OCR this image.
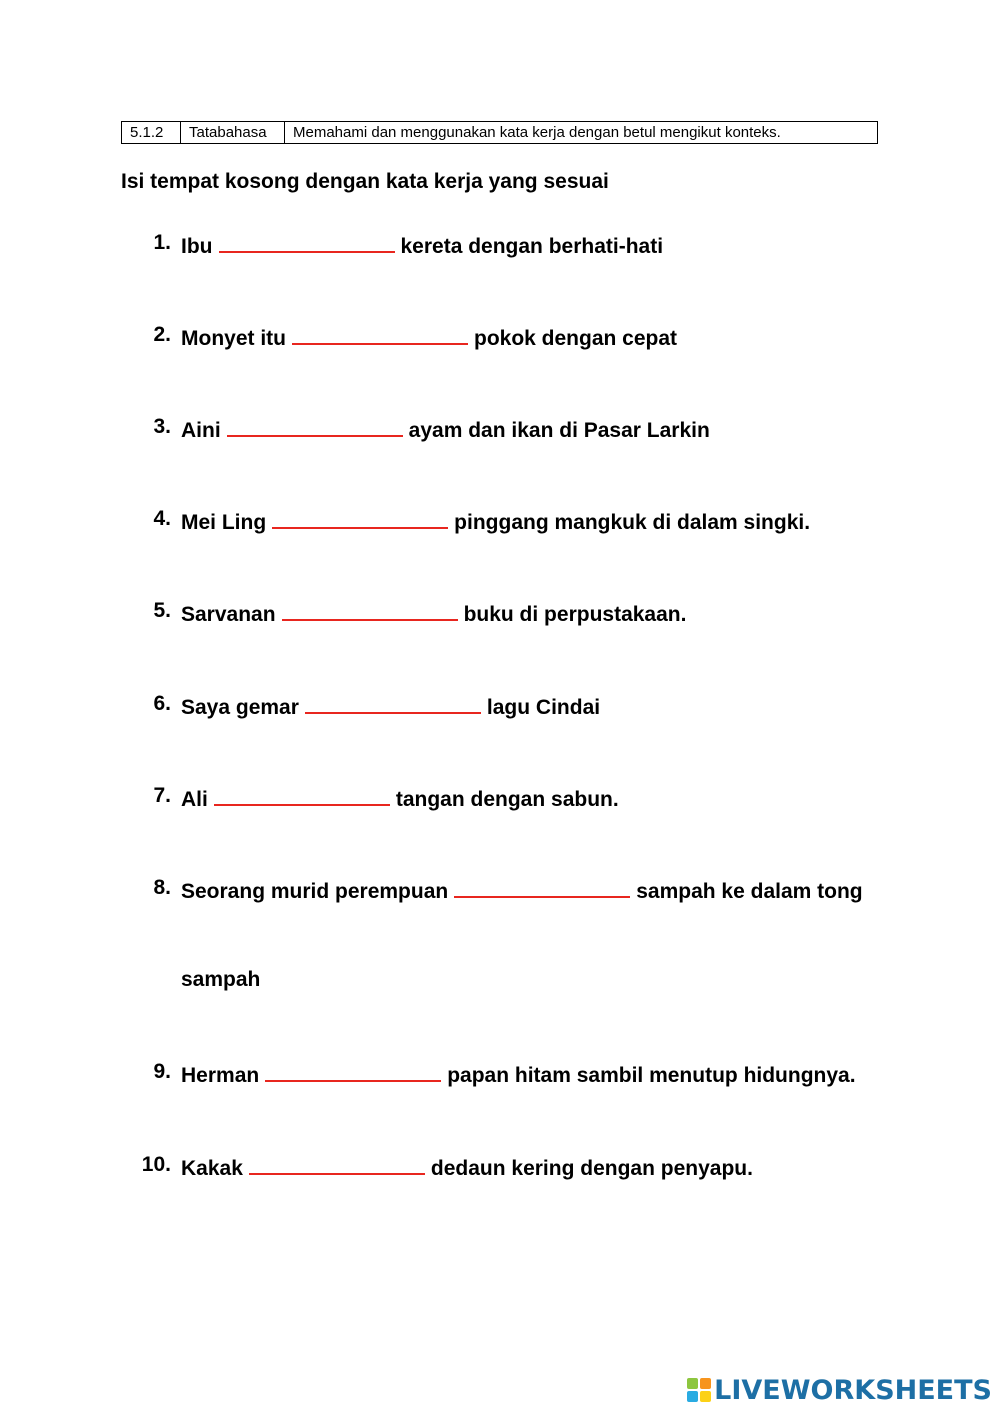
5.1.2	Tatabahasa	Memahami dan menggunakan kata kerja dengan betul mengikut konteks.
Isi tempat kosong dengan kata kerja yang sesuai
1. Ibu	kereta dengan berhati-hati
2. Monyet itu	pokok dengan cepat
3. Aini	ayam dan ikan di Pasar Larkin
4. Mei Ling	pinggang mangkuk di dalam singki.
5. Sarvanan	buku di perpustakaan.
6. Saya gemar	lagu Cindai
7. Ali	tangan dengan sabun.
8. Seorang murid perempuan	sampah ke dalam tong
sampah
9. Herman	papan hitam sambil menutup hidungnya.
10. Kakak	dedaun kering dengan penyapu.
LIVEWORKSHEETS
